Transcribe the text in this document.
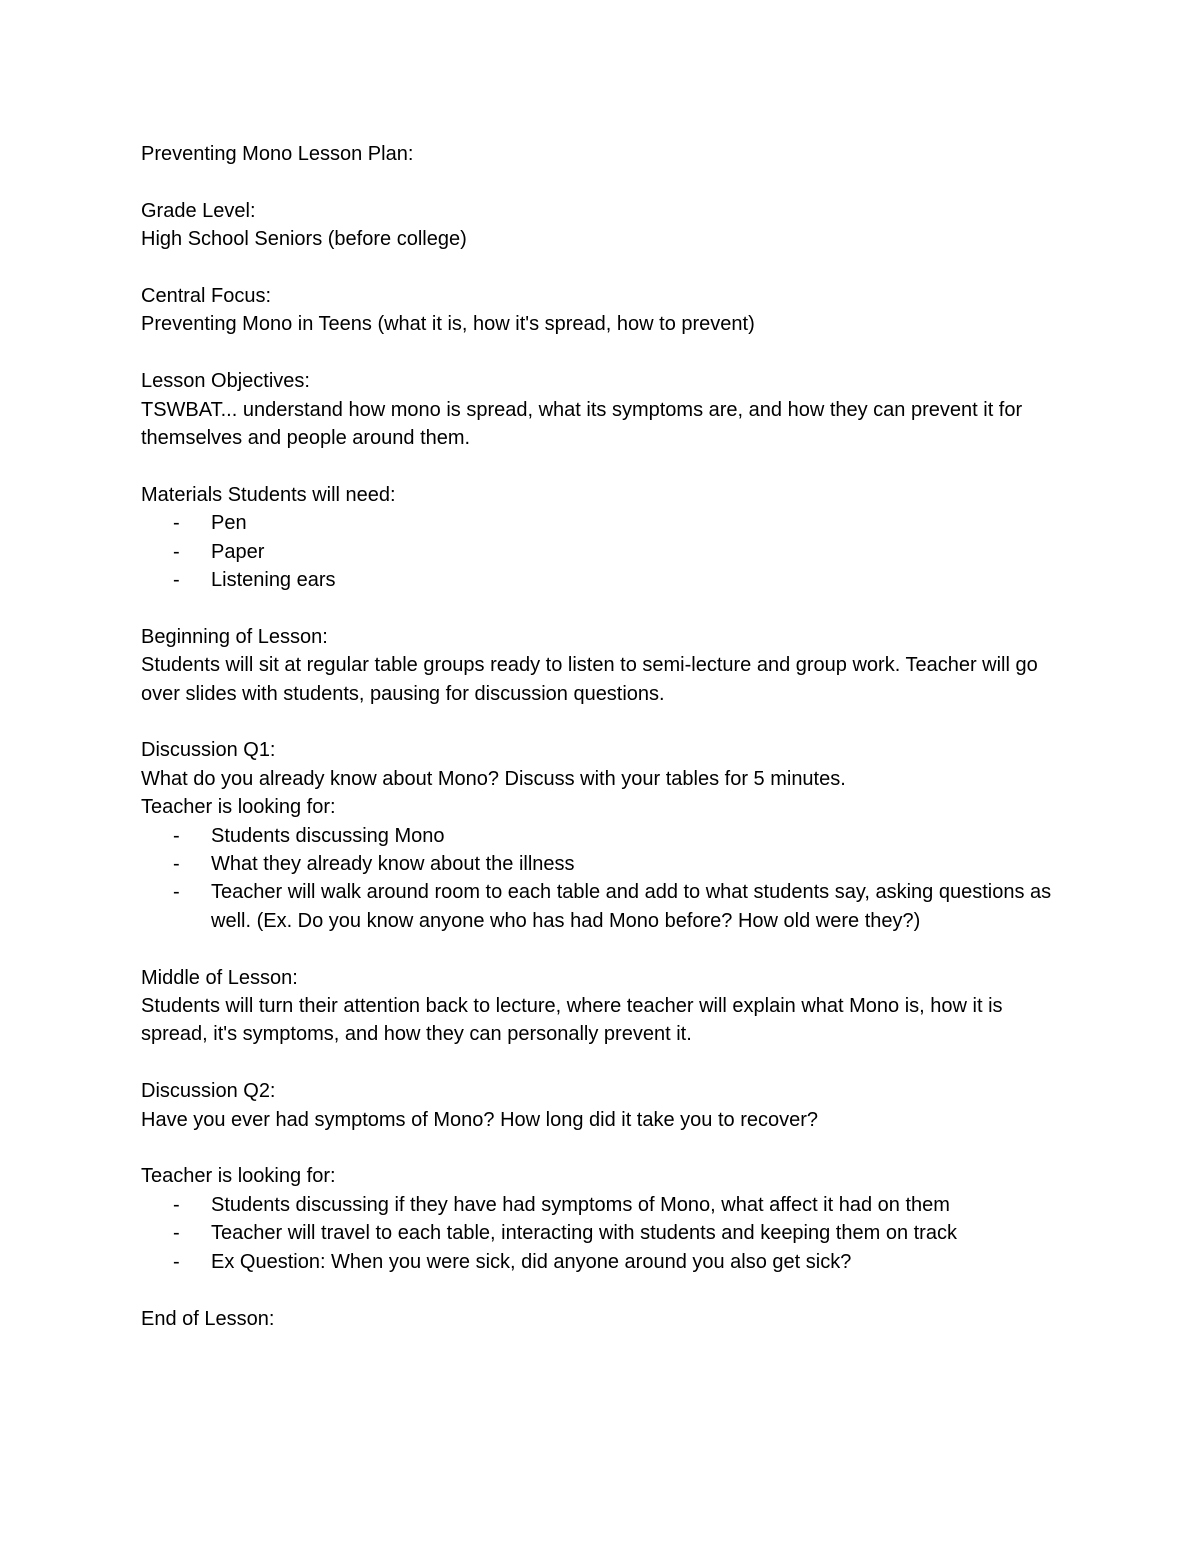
Preventing Mono Lesson Plan:

Grade Level:

High School Seniors (before college)

Central Focus:

Preventing Mono in Teens (what it is, how it's spread, how to prevent)

Lesson Objectives:

TSWBAT... understand how mono is spread, what its symptoms are, and how they can prevent it for themselves and people around them.

Materials Students will need:

- Pen
- Paper
- Listening ears

Beginning of Lesson:

Students will sit at regular table groups ready to listen to semi-lecture and group work. Teacher will go over slides with students, pausing for discussion questions.

Discussion Q1:

What do you already know about Mono? Discuss with your tables for 5 minutes.

Teacher is looking for:

- Students discussing Mono
- What they already know about the illness
- Teacher will walk around room to each table and add to what students say, asking questions as well. (Ex. Do you know anyone who has had Mono before? How old were they?)

Middle of Lesson:

Students will turn their attention back to lecture, where teacher will explain what Mono is, how it is spread, it's symptoms, and how they can personally prevent it.

Discussion Q2:

Have you ever had symptoms of Mono? How long did it take you to recover?

Teacher is looking for:

- Students discussing if they have had symptoms of Mono, what affect it had on them
- Teacher will travel to each table, interacting with students and keeping them on track
- Ex Question: When you were sick, did anyone around you also get sick?

End of Lesson:
